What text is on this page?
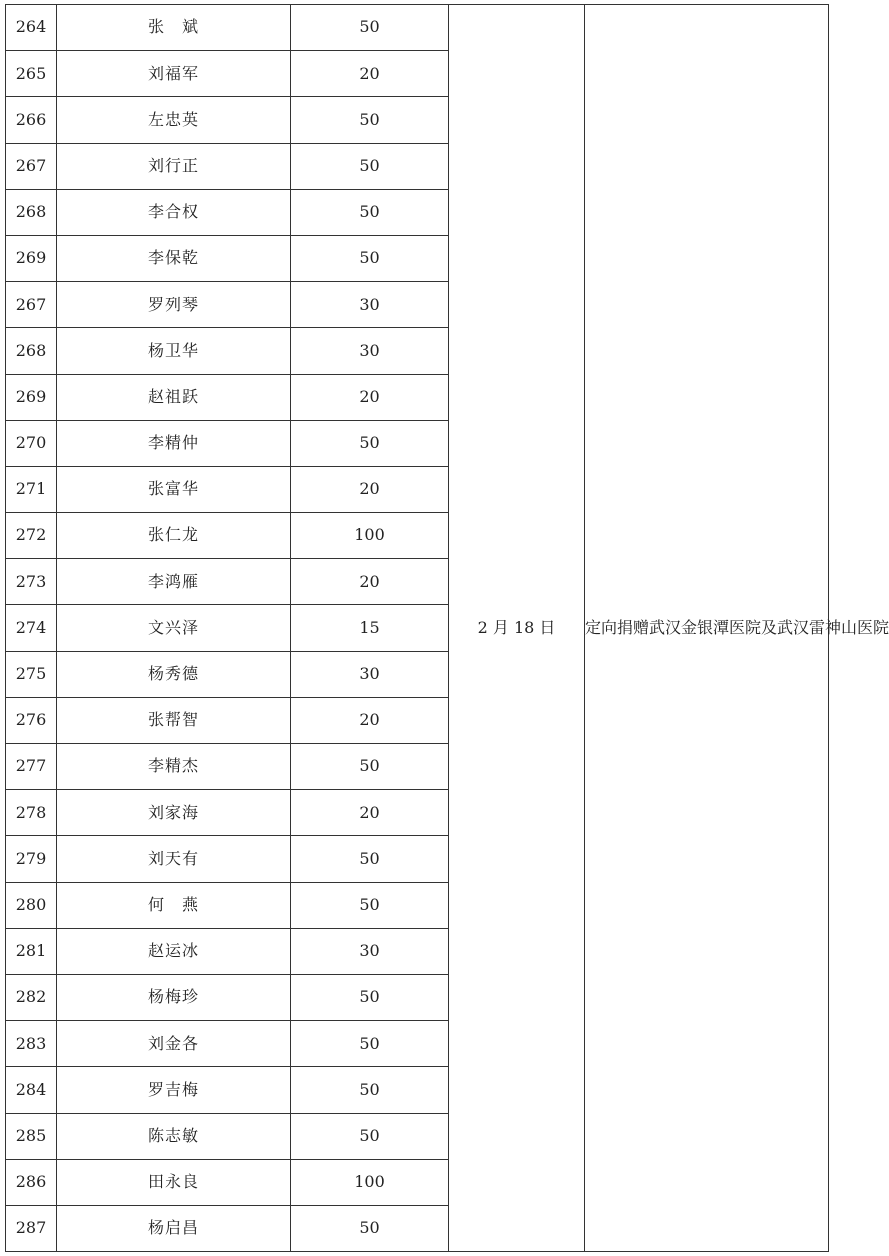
264	张　斌	50	2 月 18 日	定向捐赠武汉金银潭医院及武汉雷神山医院
265	刘福军	20		
266	左忠英	50		
267	刘行正	50		
268	李合权	50		
269	李保乾	50		
267	罗列琴	30		
268	杨卫华	30		
269	赵祖跃	20		
270	李精仲	50		
271	张富华	20		
272	张仁龙	100		
273	李鸿雁	20		
274	文兴泽	15		
275	杨秀德	30		
276	张帮智	20		
277	李精杰	50		
278	刘家海	20		
279	刘天有	50		
280	何　燕	50		
281	赵运冰	30		
282	杨梅珍	50		
283	刘金各	50		
284	罗吉梅	50		
285	陈志敏	50		
286	田永良	100		
287	杨启昌	50		
